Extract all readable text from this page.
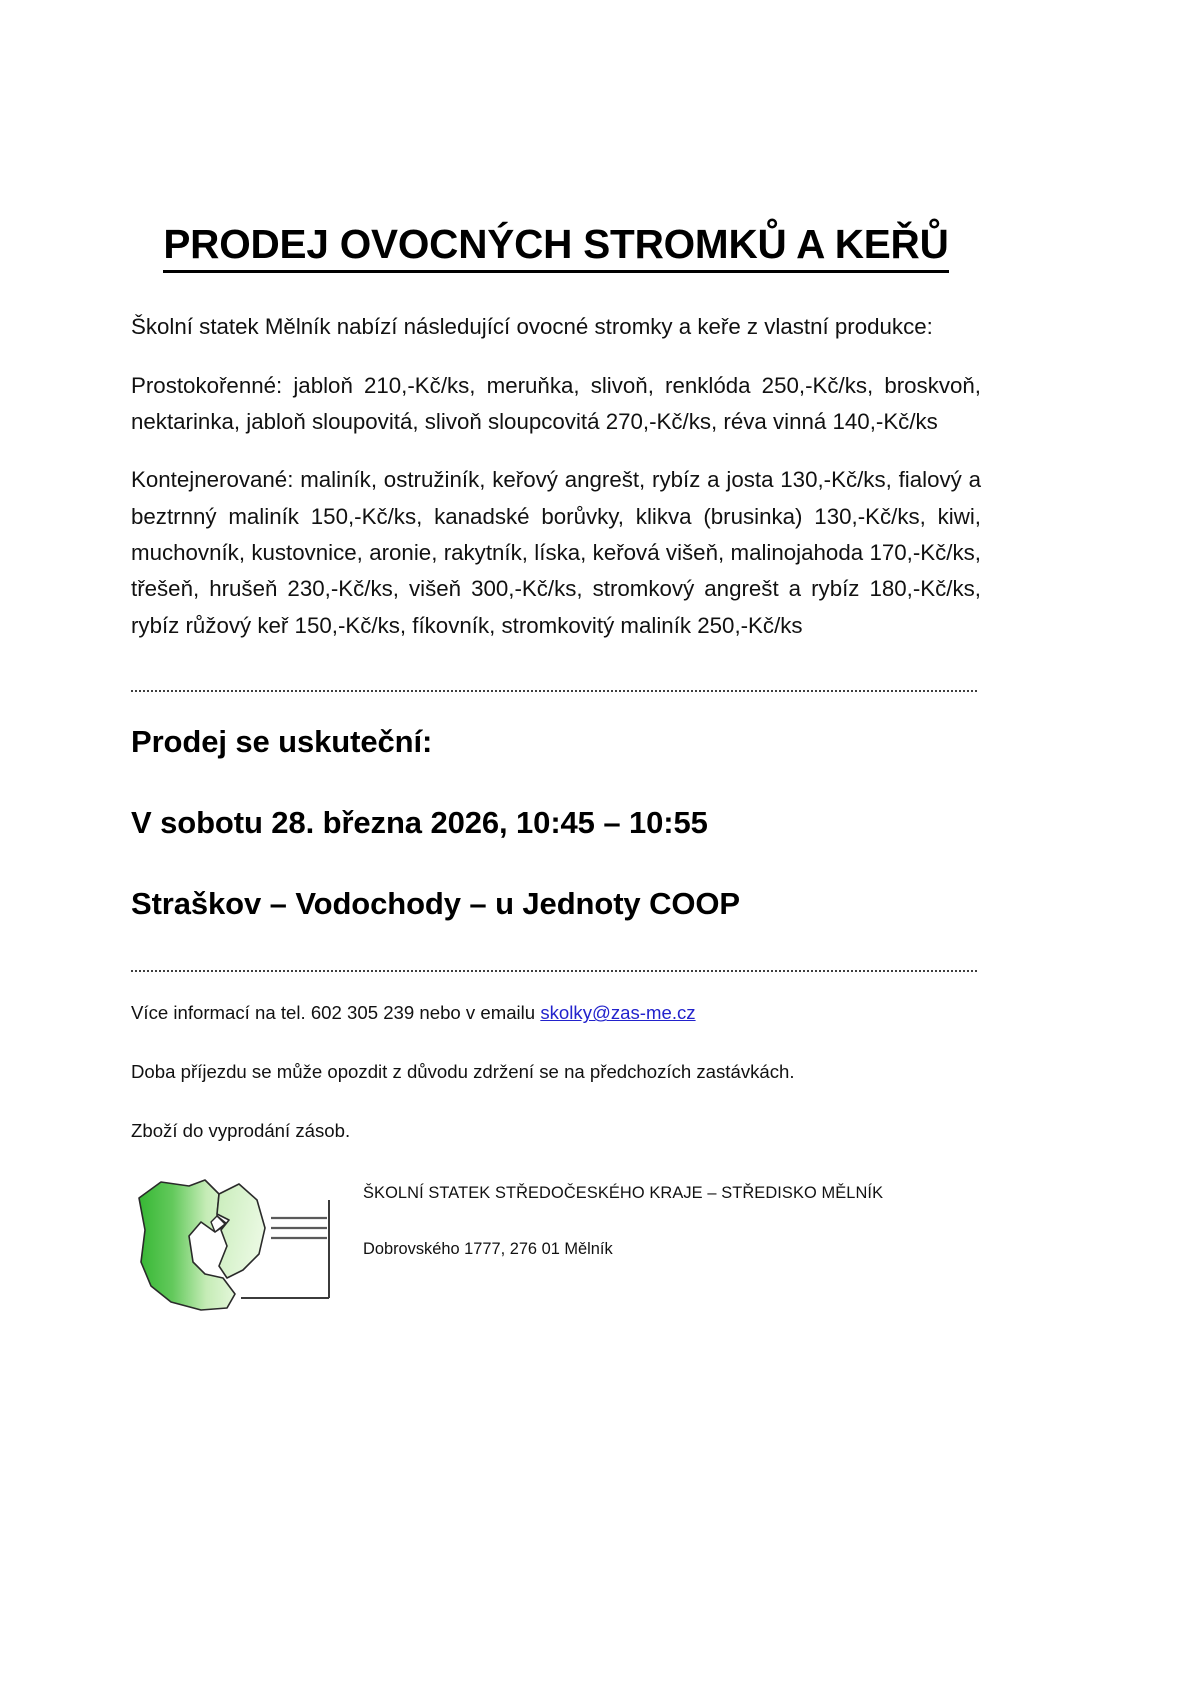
PRODEJ OVOCNÝCH STROMKŮ A KEŘŮ

Školní statek Mělník nabízí následující ovocné stromky a keře z vlastní produkce:

Prostokořenné: jabloň 210,-Kč/ks, meruňka, slivoň, renklóda 250,-Kč/ks, broskvoň, nektarinka, jabloň sloupovitá, slivoň sloupcovitá 270,-Kč/ks, réva vinná 140,-Kč/ks

Kontejnerované: maliník, ostružiník, keřový angrešt, rybíz a josta 130,-Kč/ks, fialový a beztrnný maliník 150,-Kč/ks, kanadské borůvky, klikva (brusinka) 130,-Kč/ks, kiwi, muchovník, kustovnice, aronie, rakytník, líska, keřová višeň, malinojahoda 170,-Kč/ks, třešeň, hrušeň 230,-Kč/ks, višeň 300,-Kč/ks, stromkový angrešt a rybíz 180,-Kč/ks, rybíz růžový keř 150,-Kč/ks, fíkovník, stromkovitý maliník 250,-Kč/ks

Prodej se uskuteční:

V sobotu 28. března 2026, 10:45 – 10:55

Straškov – Vodochody – u Jednoty COOP

Více informací na tel. 602 305 239 nebo v emailu skolky@zas-me.cz

Doba příjezdu se může opozdit z důvodu zdržení se na předchozích zastávkách.

Zboží do vyprodání zásob.

ŠKOLNÍ STATEK STŘEDOČESKÉHO KRAJE – STŘEDISKO MĚLNÍK

Dobrovského 1777, 276 01 Mělník
